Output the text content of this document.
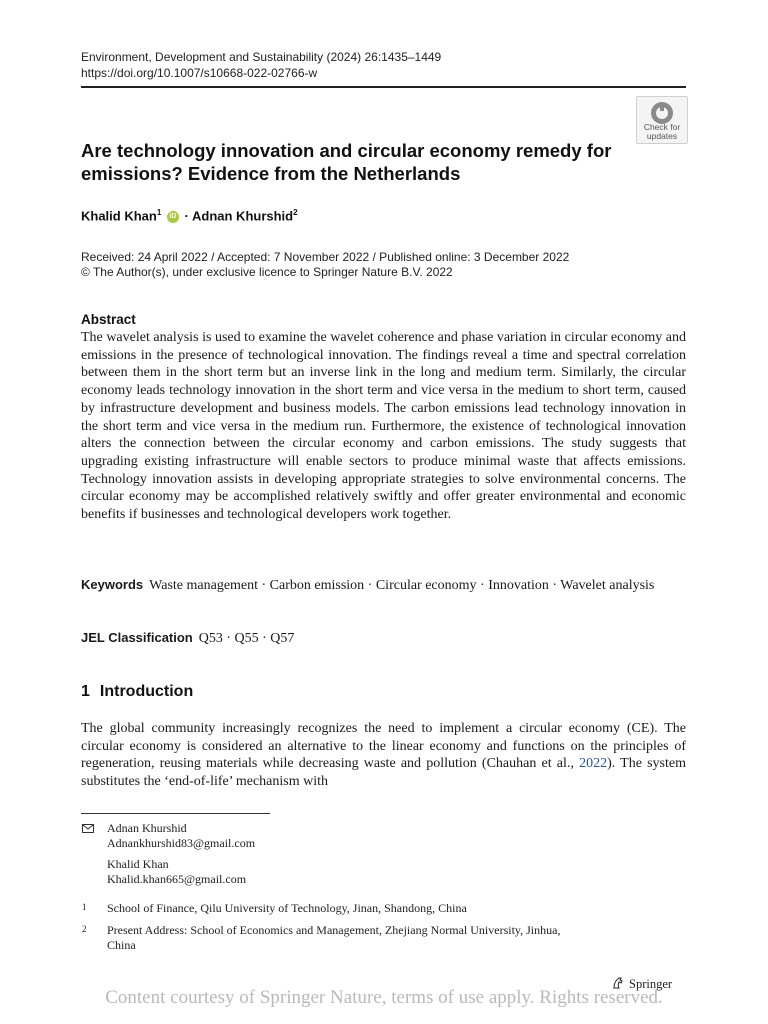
Environment, Development and Sustainability (2024) 26:1435–1449
https://doi.org/10.1007/s10668-022-02766-w
Check for
updates
Are technology innovation and circular economy remedy for emissions? Evidence from the Netherlands
Khalid Khan$^1$ iD · Adnan Khurshid$^2$
Received: 24 April 2022 / Accepted: 7 November 2022 / Published online: 3 December 2022
© The Author(s), under exclusive licence to Springer Nature B.V. 2022
Abstract
The wavelet analysis is used to examine the wavelet coherence and phase variation in circular economy and emissions in the presence of technological innovation. The findings reveal a time and spectral correlation between them in the short term but an inverse link in the long and medium term. Similarly, the circular economy leads technology innovation in the short term and vice versa in the medium to short term, caused by infrastructure development and business models. The carbon emissions lead technology innovation in the short term and vice versa in the medium run. Furthermore, the existence of technological innovation alters the connection between the circular economy and carbon emissions. The study suggests that upgrading existing infrastructure will enable sectors to produce minimal waste that affects emissions. Technology innovation assists in developing appropriate strategies to solve environmental concerns. The circular economy may be accomplished relatively swiftly and offer greater environmental and economic benefits if businesses and technological developers work together.
Keywords Waste management · Carbon emission · Circular economy · Innovation · Wavelet analysis
JEL Classification Q53 · Q55 · Q57
1 Introduction
The global community increasingly recognizes the need to implement a circular economy (CE). The circular economy is considered an alternative to the linear economy and functions on the principles of regeneration, reusing materials while decreasing waste and pollution (Chauhan et al., 2022). The system substitutes the ‘end-of-life’ mechanism with
Adnan Khurshid
Adnankhurshid83@gmail.com
Khalid Khan
Khalid.khan665@gmail.com
1 School of Finance, Qilu University of Technology, Jinan, Shandong, China
2 Present Address: School of Economics and Management, Zhejiang Normal University, Jinhua,
China
Springer
Content courtesy of Springer Nature, terms of use apply. Rights reserved.
